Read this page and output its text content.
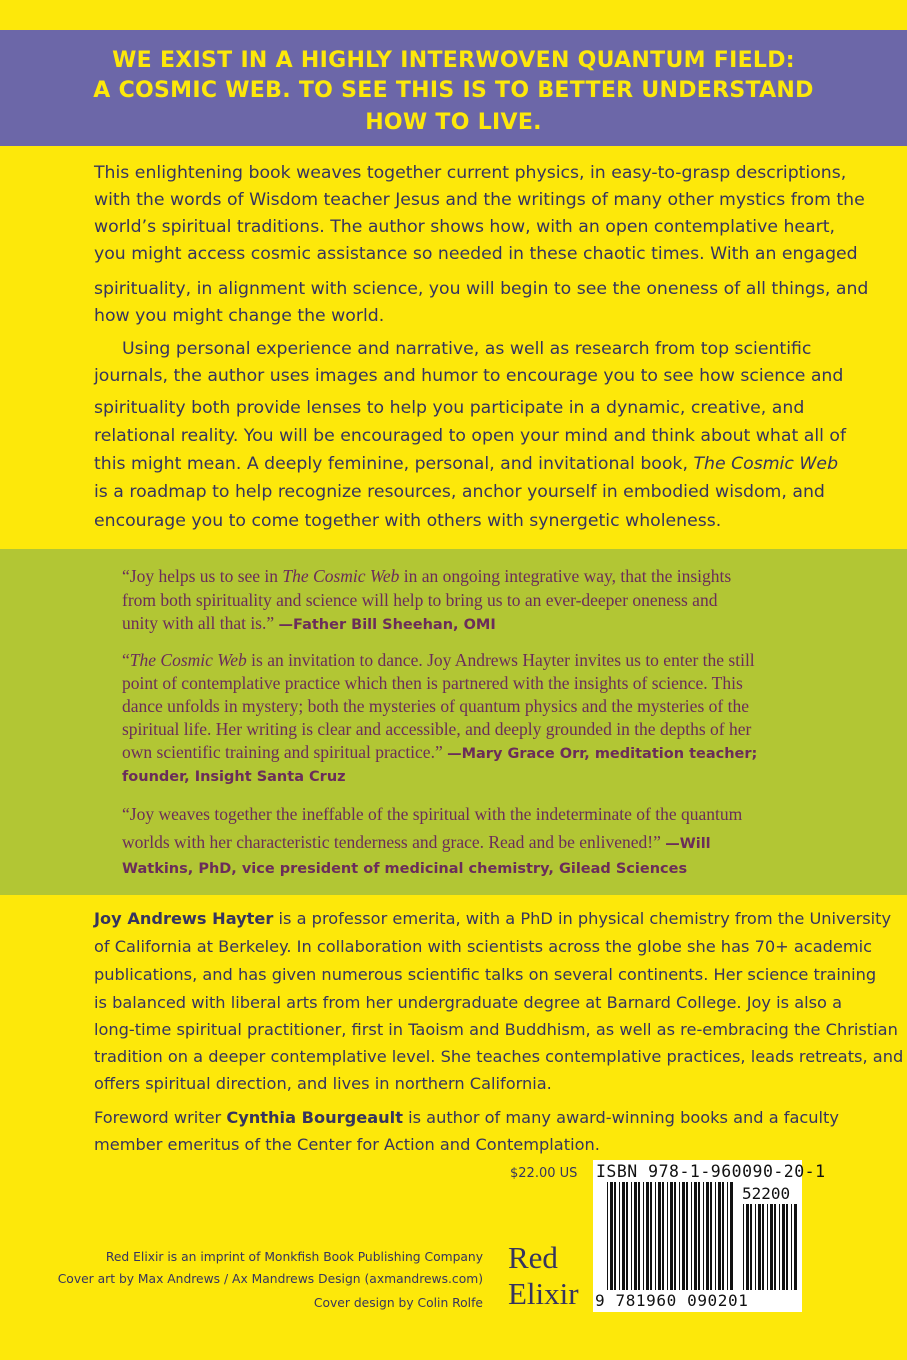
WE EXIST IN A HIGHLY INTERWOVEN QUANTUM FIELD:
A COSMIC WEB. TO SEE THIS IS TO BETTER UNDERSTAND
HOW TO LIVE.
This enlightening book weaves together current physics, in easy-to-grasp descriptions,
with the words of Wisdom teacher Jesus and the writings of many other mystics from the
world’s spiritual traditions. The author shows how, with an open contemplative heart,
you might access cosmic assistance so needed in these chaotic times. With an engaged
spirituality, in alignment with science, you will begin to see the oneness of all things, and
how you might change the world.
Using personal experience and narrative, as well as research from top scientific
journals, the author uses images and humor to encourage you to see how science and
spirituality both provide lenses to help you participate in a dynamic, creative, and
relational reality. You will be encouraged to open your mind and think about what all of
this might mean. A deeply feminine, personal, and invitational book, The Cosmic Web
is a roadmap to help recognize resources, anchor yourself in embodied wisdom, and
encourage you to come together with others with synergetic wholeness.
“Joy helps us to see in The Cosmic Web in an ongoing integrative way, that the insights
from both spirituality and science will help to bring us to an ever-deeper oneness and
unity with all that is.” —Father Bill Sheehan, OMI
“The Cosmic Web is an invitation to dance. Joy Andrews Hayter invites us to enter the still
point of contemplative practice which then is partnered with the insights of science. This
dance unfolds in mystery; both the mysteries of quantum physics and the mysteries of the
spiritual life. Her writing is clear and accessible, and deeply grounded in the depths of her
own scientific training and spiritual practice.” —Mary Grace Orr, meditation teacher;
founder, Insight Santa Cruz
“Joy weaves together the ineffable of the spiritual with the indeterminate of the quantum
worlds with her characteristic tenderness and grace. Read and be enlivened!” —Will
Watkins, PhD, vice president of medicinal chemistry, Gilead Sciences
Joy Andrews Hayter is a professor emerita, with a PhD in physical chemistry from the University
of California at Berkeley. In collaboration with scientists across the globe she has 70+ academic
publications, and has given numerous scientific talks on several continents. Her science training
is balanced with liberal arts from her undergraduate degree at Barnard College. Joy is also a
long-time spiritual practitioner, first in Taoism and Buddhism, as well as re-embracing the Christian
tradition on a deeper contemplative level. She teaches contemplative practices, leads retreats, and
offers spiritual direction, and lives in northern California.
Foreword writer Cynthia Bourgeault is author of many award-winning books and a faculty
member emeritus of the Center for Action and Contemplation.
$22.00 US ISBN 978-1-960090-20-1
52200
9 781960 090201
Red Elixir is an imprint of Monkfish Book Publishing Company
Cover art by Max Andrews / Ax Mandrews Design (axmandrews.com)
Cover design by Colin Rolfe
Red
Elixir
